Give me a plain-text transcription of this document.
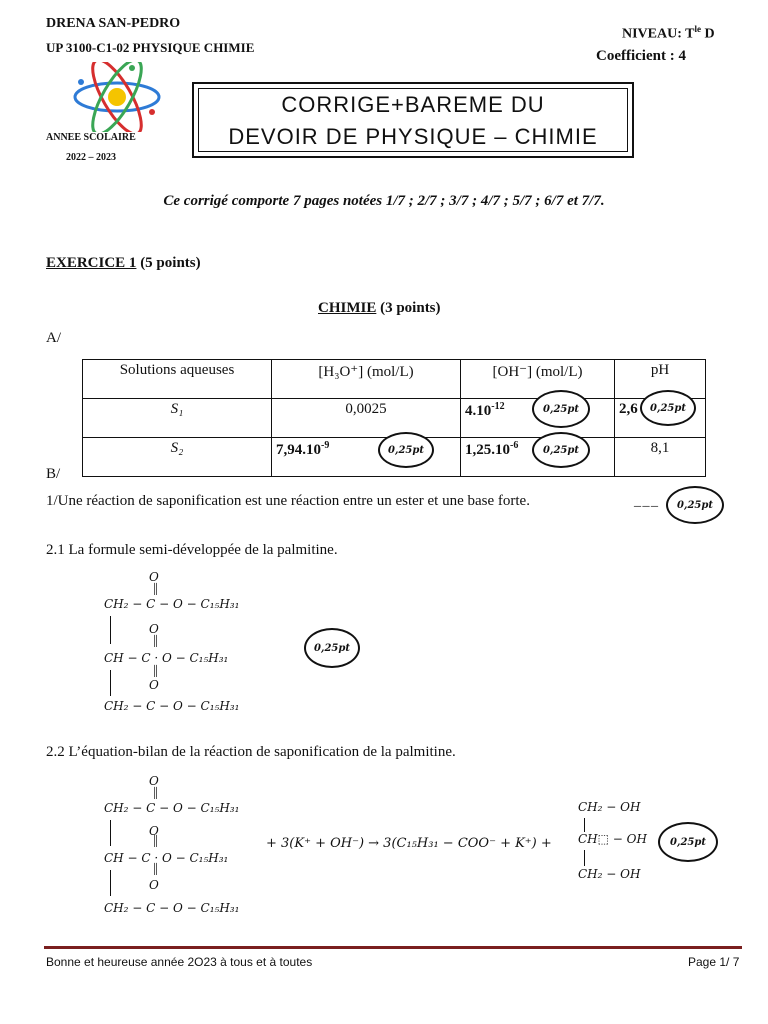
DRENA SAN-PEDRO
UP 3100-C1-02 PHYSIQUE CHIMIE
ANNEE SCOLAIRE
2022 – 2023
NIVEAU: $T^{le}$ D
Coefficient : 4
CORRIGE+BAREME DU
DEVOIR DE PHYSIQUE – CHIMIE
Ce corrigé comporte 7 pages notées 1/7 ; 2/7 ; 3/7 ; 4/7 ; 5/7 ; 6/7 et 7/7.
EXERCICE 1 (5 points)
CHIMIE (3 points)
A/
Solutions aqueuses	[H₃O⁺] (mol/L)	[OH⁻] (mol/L)	pH
S₁	0,0025	$4.10^{-12}$	2,6
S₂	$7,94.10^{-9}$	$1,25.10^{-6}$	8,1
0,25pt	0,25pt
0,25pt	0,25pt
B/
1/Une réaction de saponification est une réaction entre un ester et une base forte.	_ _ _	0,25pt
2.1 La formule semi-développée de la palmitine.
O
║
CH₂ − C − O − C₁₅H₃₁
O
║
CH − C · O − C₁₅H₃₁
║
O
CH₂ − C − O − C₁₅H₃₁
0,25pt
2.2 L’équation-bilan de la réaction de saponification de la palmitine.
O
║
CH₂ − C − O − C₁₅H₃₁
O
║
CH − C · O − C₁₅H₃₁
║
O
CH₂ − C − O − C₁₅H₃₁
+ 3(K⁺ + OH⁻) → 3(C₁₅H₃₁ − COO⁻ + K⁺) +
CH₂ − OH
CH⬚ − OH
CH₂ − OH
0,25pt
Bonne et heureuse année 2O23 à tous et à toutes	Page 1/ 7
